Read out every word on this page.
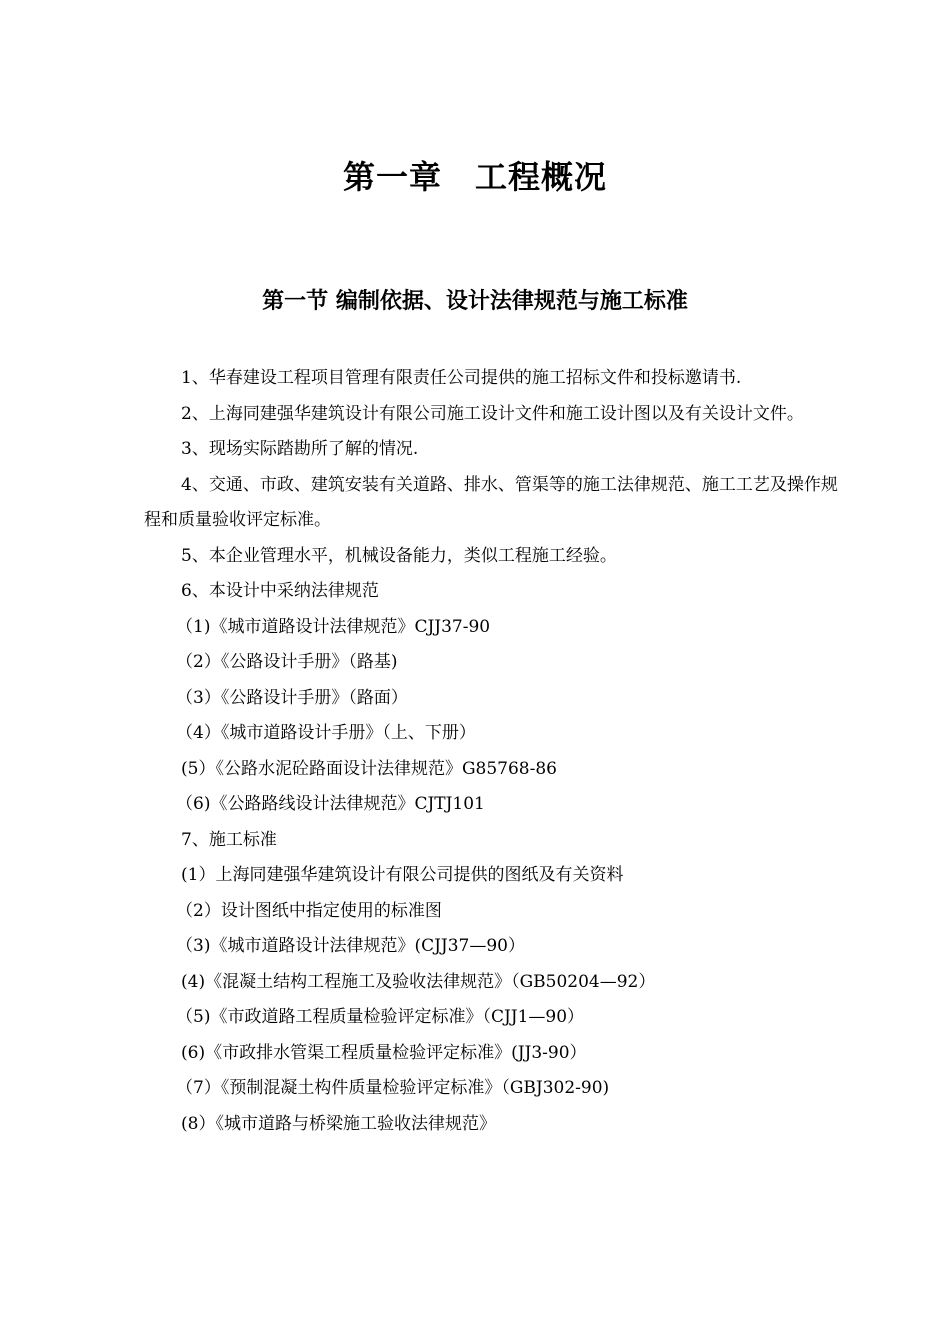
第一章　工程概况
第一节 编制依据、设计法律规范与施工标准

1、华春建设工程项目管理有限责任公司提供的施工招标文件和投标邀请书.

2、上海同建强华建筑设计有限公司施工设计文件和施工设计图以及有关设计文件。

3、现场实际踏勘所了解的情况.

4、交通、市政、建筑安装有关道路、排水、管渠等的施工法律规范、施工工艺及操作规程和质量验收评定标准。

5、本企业管理水平，机械设备能力，类似工程施工经验。

6、本设计中采纳法律规范

（1)《城市道路设计法律规范》CJJ37-90

（2）《公路设计手册》（路基)

（3）《公路设计手册》（路面）

（4）《城市道路设计手册》（上、下册）

(5）《公路水泥砼路面设计法律规范》G85768-86

（6)《公路路线设计法律规范》CJTJ101

7、施工标准

(1）上海同建强华建筑设计有限公司提供的图纸及有关资料

（2）设计图纸中指定使用的标准图

（3)《城市道路设计法律规范》(CJJ37—90）

(4)《混凝土结构工程施工及验收法律规范》（GB50204—92）

（5)《市政道路工程质量检验评定标准》（CJJ1—90）

(6)《市政排水管渠工程质量检验评定标准》(JJ3-90）

（7）《预制混凝土构件质量检验评定标准》（GBJ302-90)

(8）《城市道路与桥梁施工验收法律规范》
